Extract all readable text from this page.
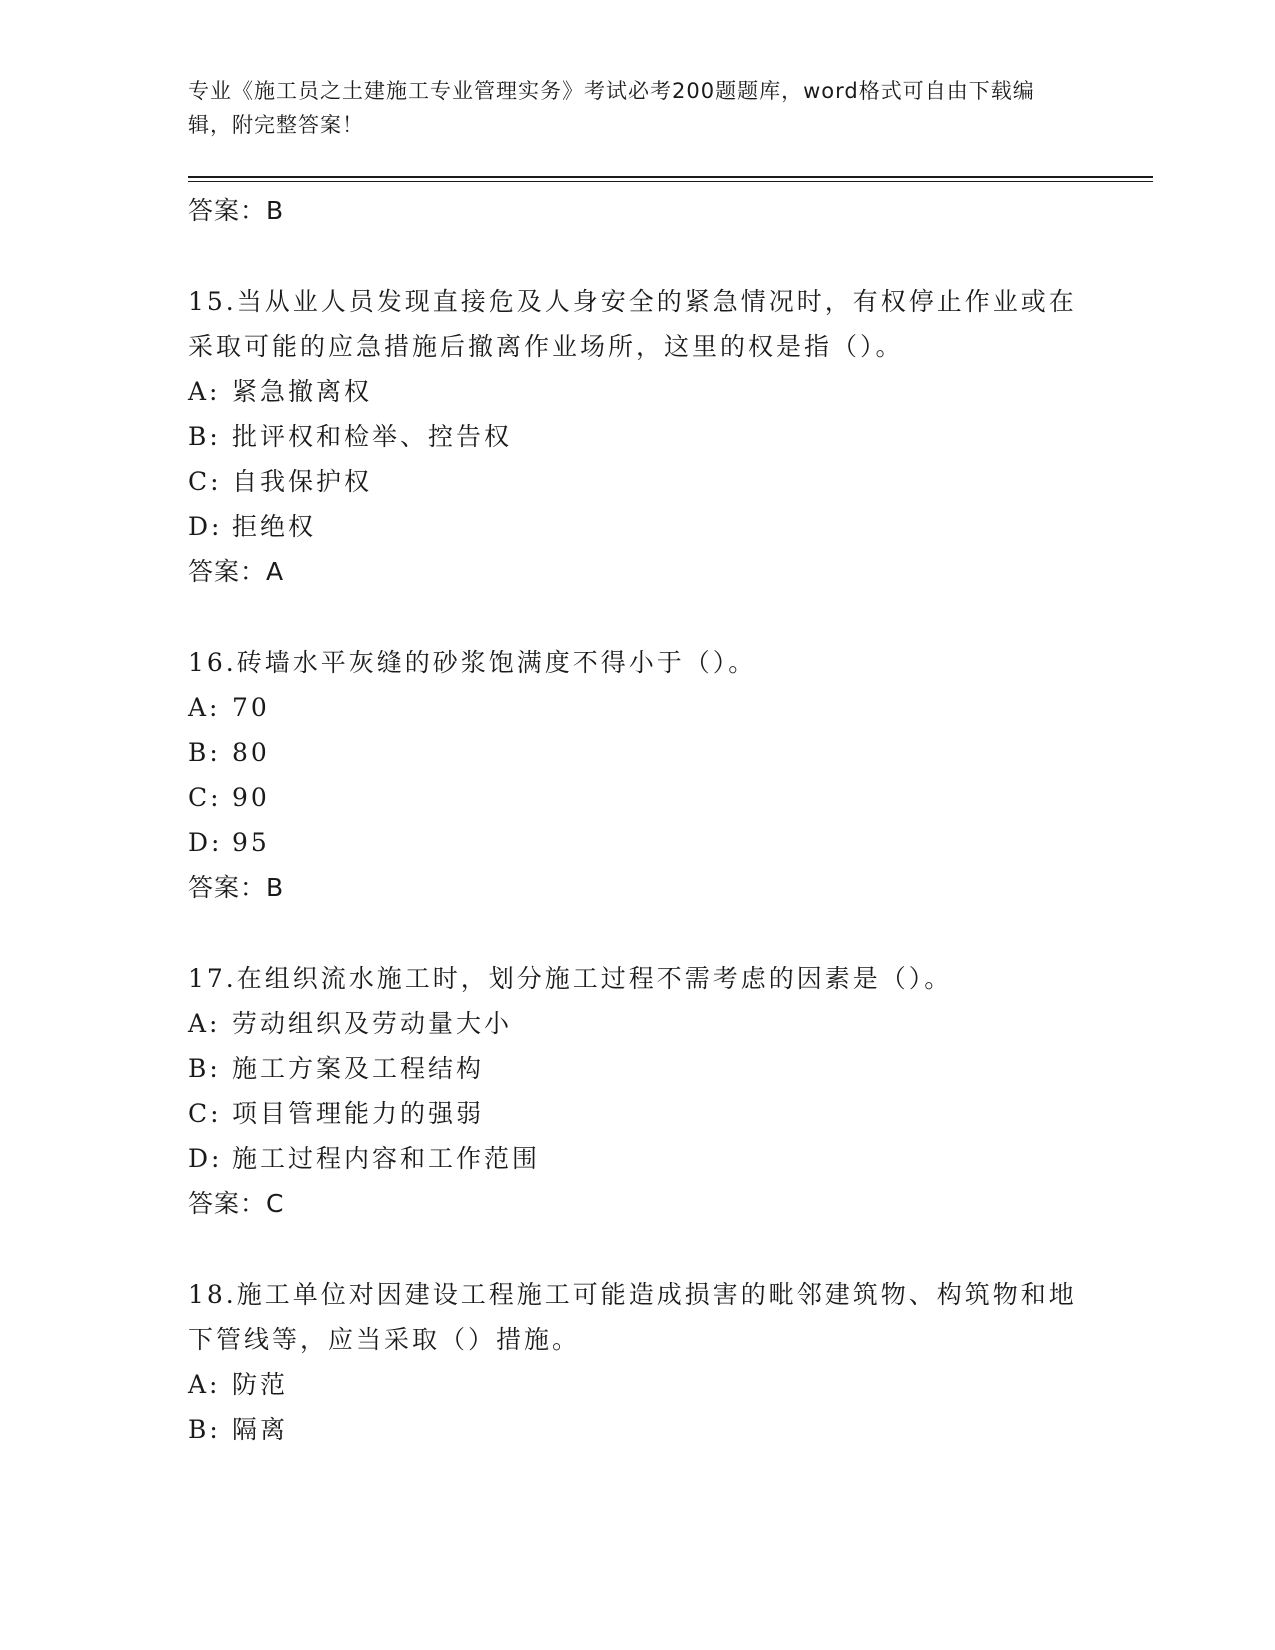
专业《施工员之土建施工专业管理实务》考试必考200题题库，word格式可自由下载编辑，附完整答案！
答案：B
15.当从业人员发现直接危及人身安全的紧急情况时，有权停止作业或在采取可能的应急措施后撤离作业场所，这里的权是指（）。
A: 紧急撤离权
B: 批评权和检举、控告权
C: 自我保护权
D: 拒绝权
答案：A
16.砖墙水平灰缝的砂浆饱满度不得小于（）。
A: 70
B: 80
C: 90
D: 95
答案：B
17.在组织流水施工时，划分施工过程不需考虑的因素是（）。
A: 劳动组织及劳动量大小
B: 施工方案及工程结构
C: 项目管理能力的强弱
D: 施工过程内容和工作范围
答案：C
18.施工单位对因建设工程施工可能造成损害的毗邻建筑物、构筑物和地下管线等，应当采取（）措施。
A: 防范
B: 隔离
